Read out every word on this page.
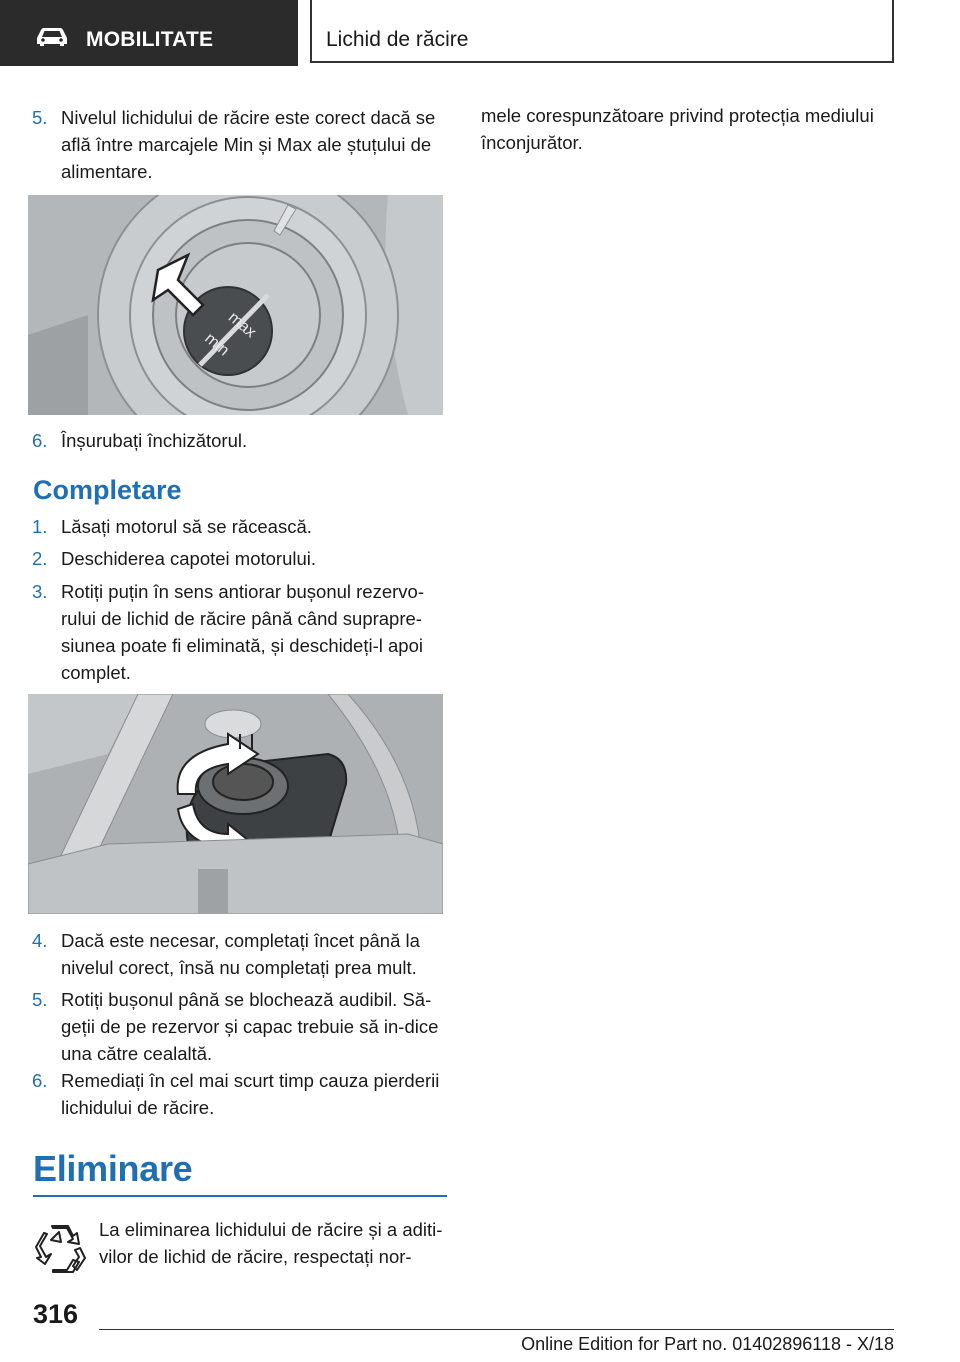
MOBILITATE	Lichid de răcire
5. Nivelul lichidului de răcire este corect dacă se află între marcajele Min și Max ale ștuțului de alimentare.
max
min
6. Înșurubați închizătorul.
Completare
1. Lăsați motorul să se răcească.
2. Deschiderea capotei motorului.
3. Rotiți puțin în sens antiorar bușonul rezervo-rului de lichid de răcire până când suprapre-siunea poate fi eliminată, și deschideți-l apoi complet.
4. Dacă este necesar, completați încet până la nivelul corect, însă nu completați prea mult.
5. Rotiți bușonul până se blochează audibil. Să-geții de pe rezervor și capac trebuie să in-dice una către cealaltă.
6. Remediați în cel mai scurt timp cauza pierderii lichidului de răcire.
Eliminare
La eliminarea lichidului de răcire și a aditi-vilor de lichid de răcire, respectați nor-
mele corespunzătoare privind protecția mediului înconjurător.
316
Online Edition for Part no. 01402896118 - X/18
